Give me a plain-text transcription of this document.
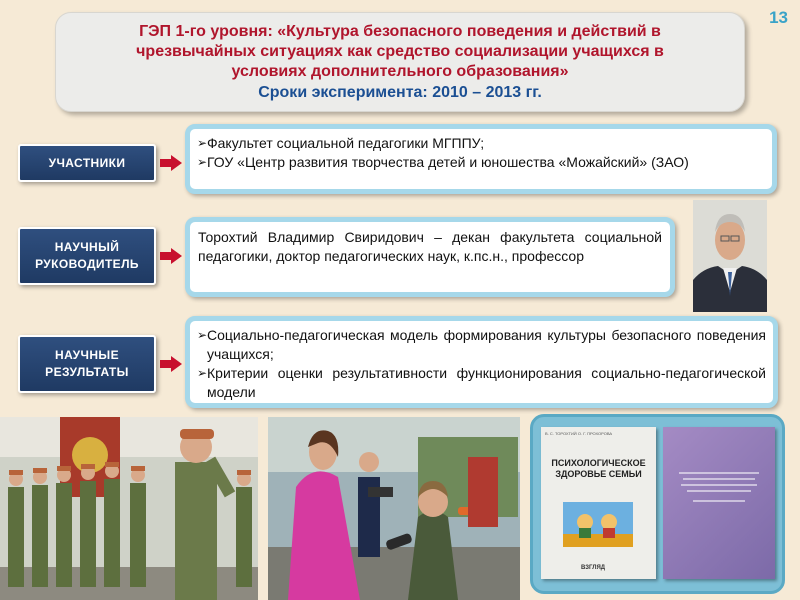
13
ГЭП 1-го уровня: «Культура безопасного поведения и действий в
чрезвычайных ситуациях как средство социализации учащихся в
условиях дополнительного образования»
Сроки эксперимента: 2010 – 2013 гг.
УЧАСТНИКИ
➢ Факультет социальной педагогики МГППУ;
➢ ГОУ «Центр развития творчества детей и юношества «Можайский» (ЗАО)
НАУЧНЫЙ РУКОВОДИТЕЛЬ
Торохтий Владимир Свиридович – декан факультета социальной педагогики, доктор педагогических наук, к.пс.н., профессор
НАУЧНЫЕ РЕЗУЛЬТАТЫ
➢ Социально-педагогическая модель формирования культуры безопасного поведения учащихся;
➢ Критерии оценки результативности функционирования социально-педагогической модели
В. С. ТОРОХТИЙ О. Г. ПРОХОРОВА
ПСИХОЛОГИЧЕСКОЕ ЗДОРОВЬЕ СЕМЬИ
ВЗГЛЯД
